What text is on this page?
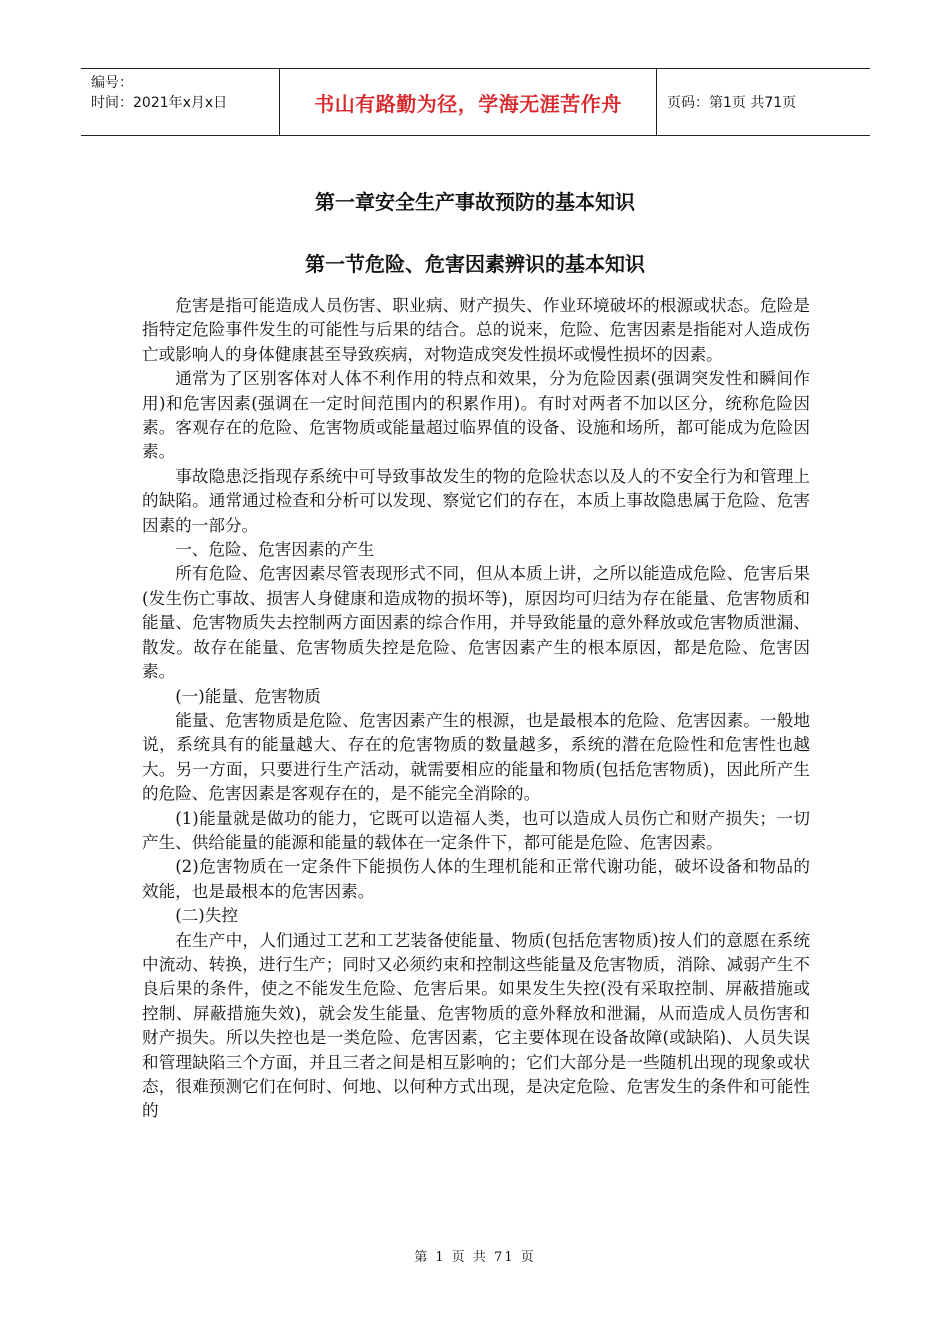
编号：
时间：2021年x月x日	书山有路勤为径，学海无涯苦作舟	页码：第1页 共71页
第一章安全生产事故预防的基本知识
第一节危险、危害因素辨识的基本知识

危害是指可能造成人员伤害、职业病、财产损失、作业环境破坏的根源或状态。危险是指特定危险事件发生的可能性与后果的结合。总的说来，危险、危害因素是指能对人造成伤亡或影响人的身体健康甚至导致疾病，对物造成突发性损坏或慢性损坏的因素。

通常为了区别客体对人体不利作用的特点和效果，分为危险因素(强调突发性和瞬间作用)和危害因素(强调在一定时间范围内的积累作用)。有时对两者不加以区分，统称危险因素。客观存在的危险、危害物质或能量超过临界值的设备、设施和场所，都可能成为危险因素。

事故隐患泛指现存系统中可导致事故发生的物的危险状态以及人的不安全行为和管理上的缺陷。通常通过检查和分析可以发现、察觉它们的存在，本质上事故隐患属于危险、危害因素的一部分。

一、危险、危害因素的产生

所有危险、危害因素尽管表现形式不同，但从本质上讲，之所以能造成危险、危害后果(发生伤亡事故、损害人身健康和造成物的损坏等)，原因均可归结为存在能量、危害物质和能量、危害物质失去控制两方面因素的综合作用，并导致能量的意外释放或危害物质泄漏、散发。故存在能量、危害物质失控是危险、危害因素产生的根本原因，都是危险、危害因素。

(一)能量、危害物质

能量、危害物质是危险、危害因素产生的根源，也是最根本的危险、危害因素。一般地说，系统具有的能量越大、存在的危害物质的数量越多，系统的潜在危险性和危害性也越大。另一方面，只要进行生产活动，就需要相应的能量和物质(包括危害物质)，因此所产生的危险、危害因素是客观存在的，是不能完全消除的。

(1)能量就是做功的能力，它既可以造福人类，也可以造成人员伤亡和财产损失；一切产生、供给能量的能源和能量的载体在一定条件下，都可能是危险、危害因素。

(2)危害物质在一定条件下能损伤人体的生理机能和正常代谢功能，破坏设备和物品的效能，也是最根本的危害因素。

(二)失控

在生产中，人们通过工艺和工艺装备使能量、物质(包括危害物质)按人们的意愿在系统中流动、转换，进行生产；同时又必须约束和控制这些能量及危害物质，消除、减弱产生不良后果的条件，使之不能发生危险、危害后果。如果发生失控(没有采取控制、屏蔽措施或控制、屏蔽措施失效)，就会发生能量、危害物质的意外释放和泄漏，从而造成人员伤害和财产损失。所以失控也是一类危险、危害因素，它主要体现在设备故障(或缺陷)、人员失误和管理缺陷三个方面，并且三者之间是相互影响的；它们大部分是一些随机出现的现象或状态，很难预测它们在何时、何地、以何种方式出现，是决定危险、危害发生的条件和可能性的

第 1 页 共 71 页
